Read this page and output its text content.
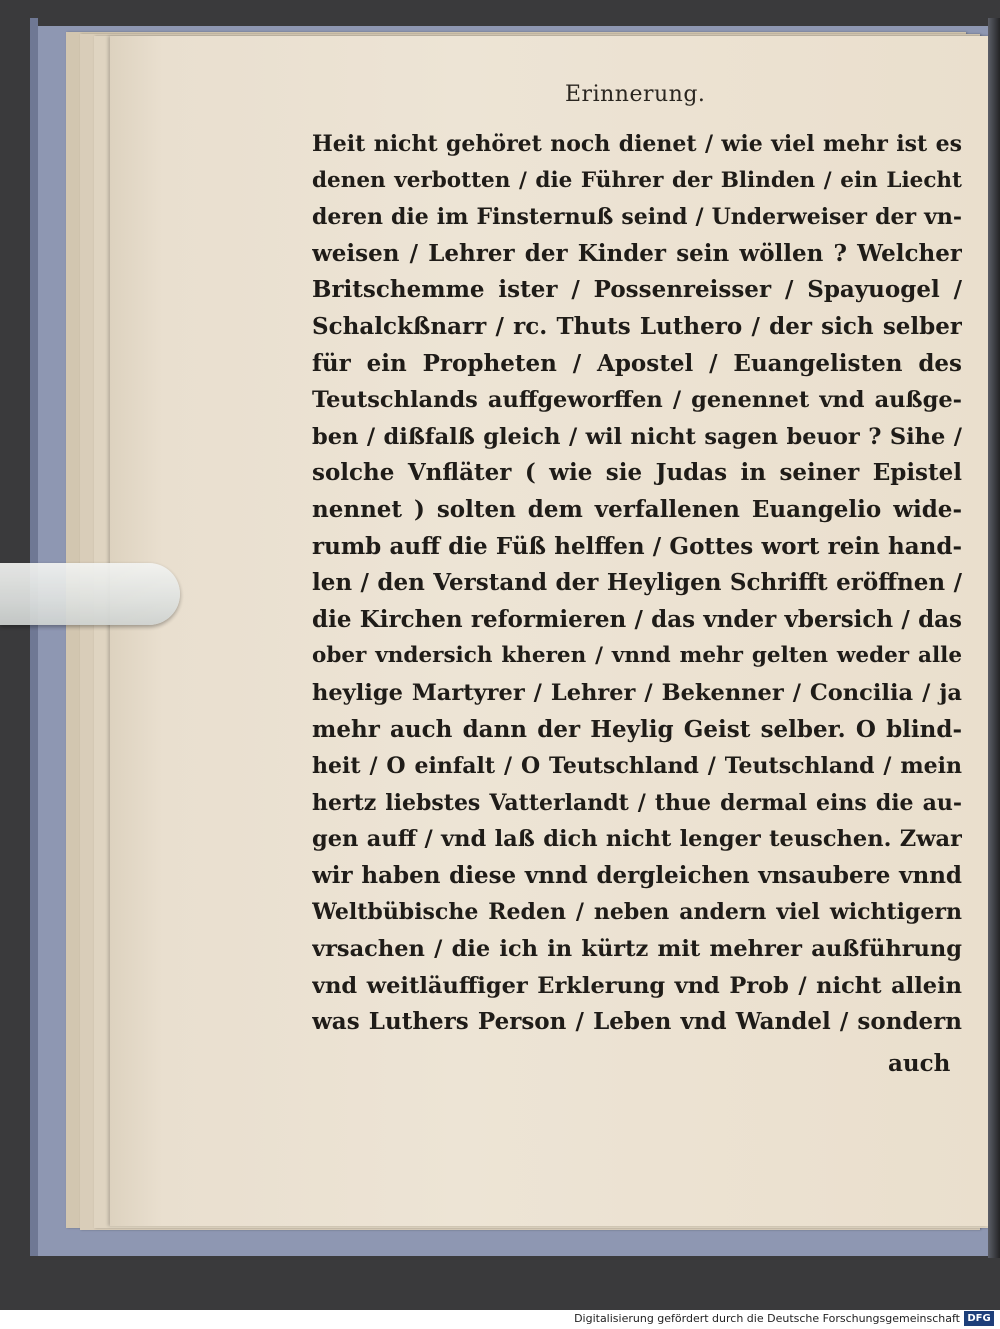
Erinnerung.
Heit nicht gehöret noch dienet / wie viel mehr ist es
denen verbotten / die Führer der Blinden / ein Liecht
deren die im Finsternuß seind / Underweiser der vn-
weisen / Lehrer der Kinder sein wöllen ? Welcher
Britschemme ister / Possenreisser / Spayuogel /
Schalckßnarr / rc. Thuts Luthero / der sich selber
für ein Propheten / Apostel / Euangelisten des
Teutschlands auffgeworffen / genennet vnd außge-
ben / dißfalß gleich / wil nicht sagen beuor ? Sihe /
solche Vnfläter ( wie sie Judas in seiner Epistel
nennet ) solten dem verfallenen Euangelio wide-
rumb auff die Füß helffen / Gottes wort rein hand-
len / den Verstand der Heyligen Schrifft eröffnen /
die Kirchen reformieren / das vnder vbersich / das
ober vndersich kheren / vnnd mehr gelten weder alle
heylige Martyrer / Lehrer / Bekenner / Concilia / ja
mehr auch dann der Heylig Geist selber. O blind-
heit / O einfalt / O Teutschland / Teutschland / mein
hertz liebstes Vatterlandt / thue dermal eins die au-
gen auff / vnd laß dich nicht lenger teuschen. Zwar
wir haben diese vnnd dergleichen vnsaubere vnnd
Weltbübische Reden / neben andern viel wichtigern
vrsachen / die ich in kürtz mit mehrer außführung
vnd weitläuffiger Erklerung vnd Prob / nicht allein
was Luthers Person / Leben vnd Wandel / sondern
auch
Digitalisierung gefördert durch die Deutsche Forschungsgemeinschaft DFG
